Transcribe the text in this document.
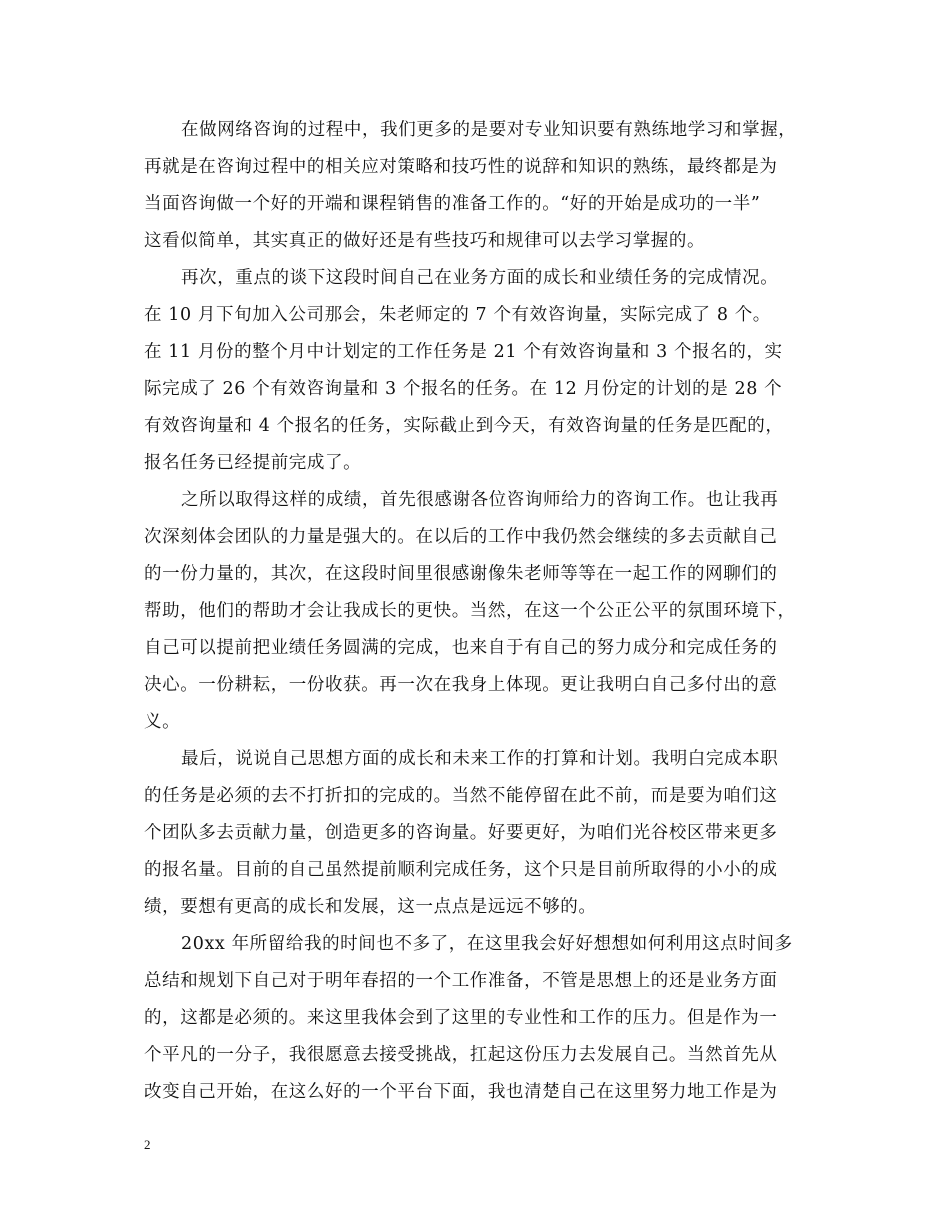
在做网络咨询的过程中，我们更多的是要对专业知识要有熟练地学习和掌握，
再就是在咨询过程中的相关应对策略和技巧性的说辞和知识的熟练，最终都是为
当面咨询做一个好的开端和课程销售的准备工作的。“好的开始是成功的一半”
这看似简单，其实真正的做好还是有些技巧和规律可以去学习掌握的。
再次，重点的谈下这段时间自己在业务方面的成长和业绩任务的完成情况。
在 10 月下旬加入公司那会，朱老师定的 7 个有效咨询量，实际完成了 8 个。
在 11 月份的整个月中计划定的工作任务是 21 个有效咨询量和 3 个报名的，实
际完成了 26 个有效咨询量和 3 个报名的任务。在 12 月份定的计划的是 28 个
有效咨询量和 4 个报名的任务，实际截止到今天，有效咨询量的任务是匹配的，
报名任务已经提前完成了。
之所以取得这样的成绩，首先很感谢各位咨询师给力的咨询工作。也让我再
次深刻体会团队的力量是强大的。在以后的工作中我仍然会继续的多去贡献自己
的一份力量的，其次，在这段时间里很感谢像朱老师等等在一起工作的网聊们的
帮助，他们的帮助才会让我成长的更快。当然，在这一个公正公平的氛围环境下，
自己可以提前把业绩任务圆满的完成，也来自于有自己的努力成分和完成任务的
决心。一份耕耘，一份收获。再一次在我身上体现。更让我明白自己多付出的意
义。
最后，说说自己思想方面的成长和未来工作的打算和计划。我明白完成本职
的任务是必须的去不打折扣的完成的。当然不能停留在此不前，而是要为咱们这
个团队多去贡献力量，创造更多的咨询量。好要更好，为咱们光谷校区带来更多
的报名量。目前的自己虽然提前顺利完成任务，这个只是目前所取得的小小的成
绩，要想有更高的成长和发展，这一点点是远远不够的。
20xx 年所留给我的时间也不多了，在这里我会好好想想如何利用这点时间多
总结和规划下自己对于明年春招的一个工作准备，不管是思想上的还是业务方面
的，这都是必须的。来这里我体会到了这里的专业性和工作的压力。但是作为一
个平凡的一分子，我很愿意去接受挑战，扛起这份压力去发展自己。当然首先从
改变自己开始，在这么好的一个平台下面，我也清楚自己在这里努力地工作是为
2
